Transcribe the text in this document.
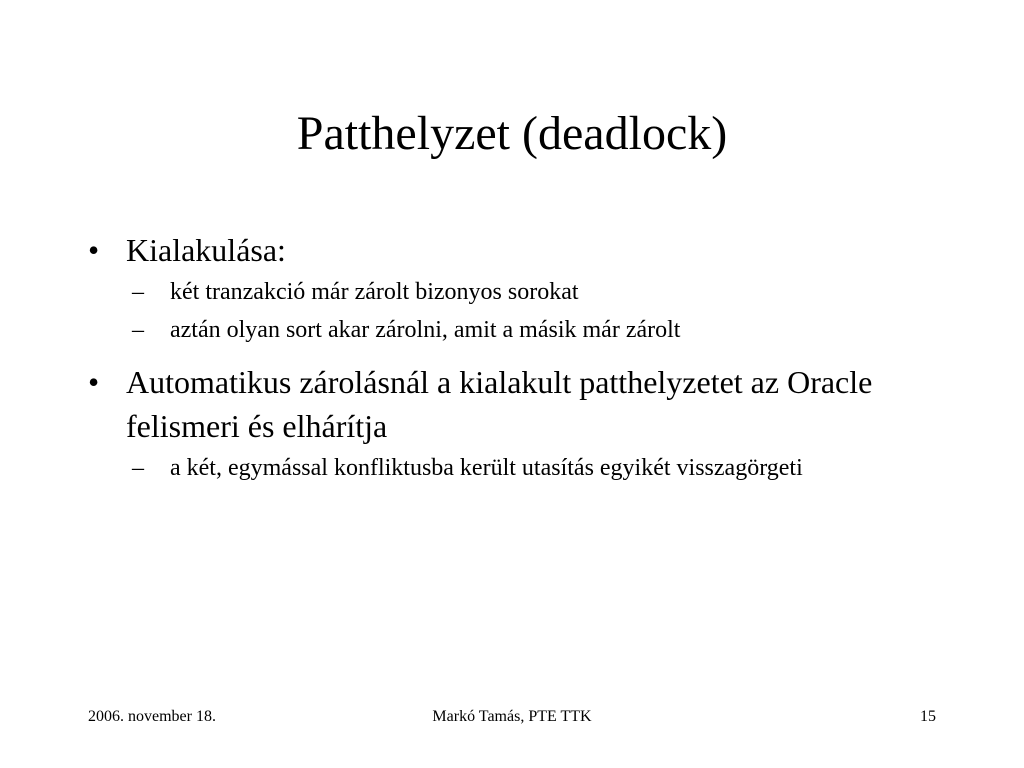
Patthelyzet (deadlock)
• Kialakulása:
– két tranzakció már zárolt bizonyos sorokat
– aztán olyan sort akar zárolni, amit a másik már zárolt
• Automatikus zárolásnál a kialakult patthelyzetet az Oracle felismeri és elhárítja
– a két, egymással konfliktusba került utasítás egyikét visszagörgeti
2006. november 18.	Markó Tamás, PTE TTK	15
